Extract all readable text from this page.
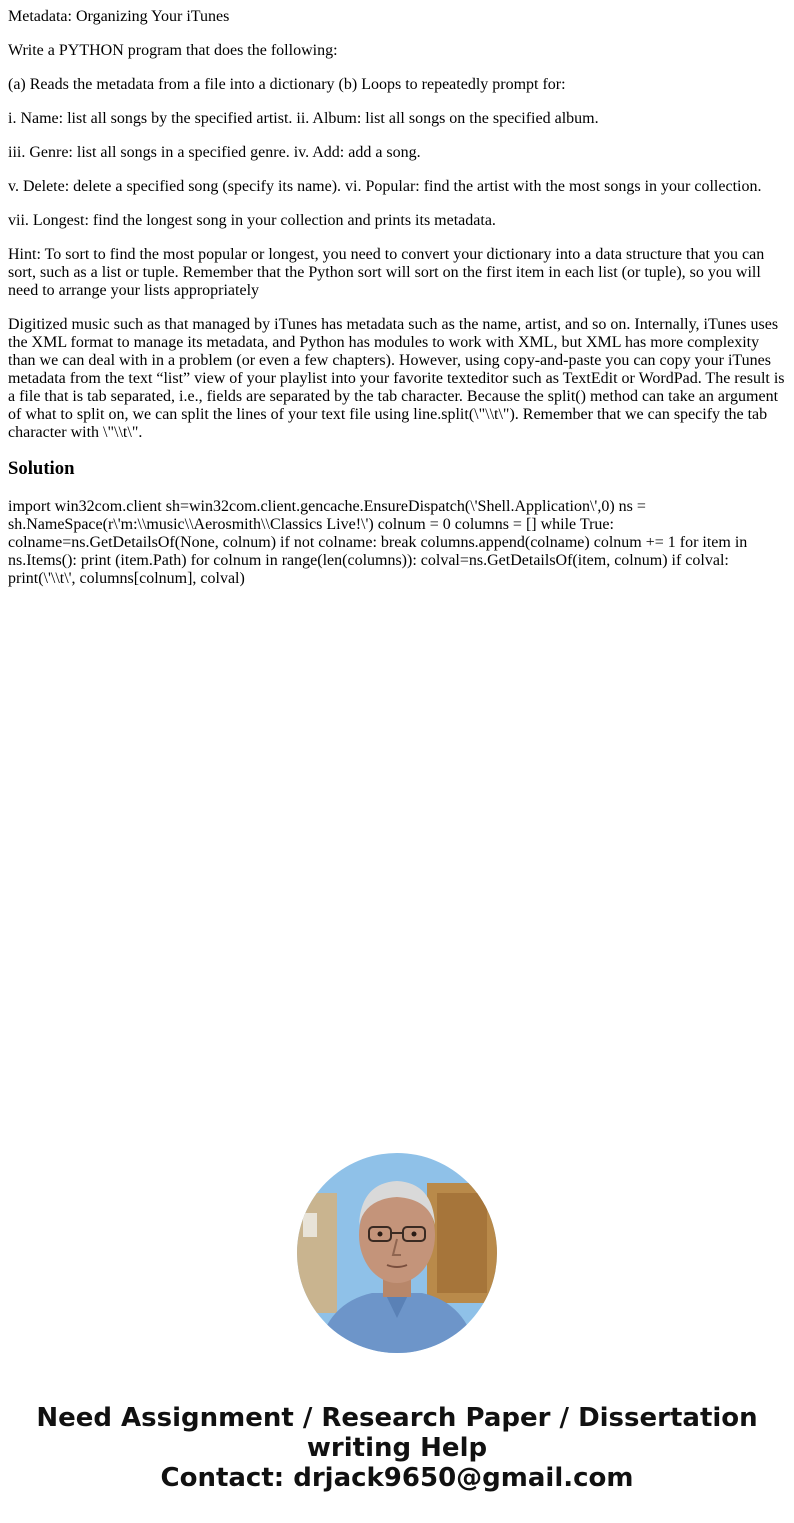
Metadata: Organizing Your iTunes

Write a PYTHON program that does the following:

(a) Reads the metadata from a file into a dictionary (b) Loops to repeatedly prompt for:

i. Name: list all songs by the specified artist. ii. Album: list all songs on the specified album.

iii. Genre: list all songs in a specified genre. iv. Add: add a song.

v. Delete: delete a specified song (specify its name). vi. Popular: find the artist with the most songs in your collection.

vii. Longest: find the longest song in your collection and prints its metadata.

Hint: To sort to find the most popular or longest, you need to convert your dictionary into a data structure that you can sort, such as a list or tuple. Remember that the Python sort will sort on the first item in each list (or tuple), so you will need to arrange your lists appropriately

Digitized music such as that managed by iTunes has metadata such as the name, artist, and so on. Internally, iTunes uses the XML format to manage its metadata, and Python has modules to work with XML, but XML has more complexity than we can deal with in a problem (or even a few chapters). However, using copy-and-paste you can copy your iTunes metadata from the text “list” view of your playlist into your favorite texteditor such as TextEdit or WordPad. The result is a file that is tab separated, i.e., fields are separated by the tab character. Because the split() method can take an argument of what to split on, we can split the lines of your text file using line.split(\"\\t\"). Remember that we can specify the tab character with \"\\t\".

Solution

import win32com.client sh=win32com.client.gencache.EnsureDispatch(\'Shell.Application\',0) ns = sh.NameSpace(r\'m:\\music\\Aerosmith\\Classics Live!\') colnum = 0 columns = [] while True: colname=ns.GetDetailsOf(None, colnum) if not colname: break columns.append(colname) colnum += 1 for item in ns.Items(): print (item.Path) for colnum in range(len(columns)): colval=ns.GetDetailsOf(item, colnum) if colval: print(\'\\t\', columns[colnum], colval)

Need Assignment / Research Paper / Dissertation
writing Help
Contact: drjack9650@gmail.com
